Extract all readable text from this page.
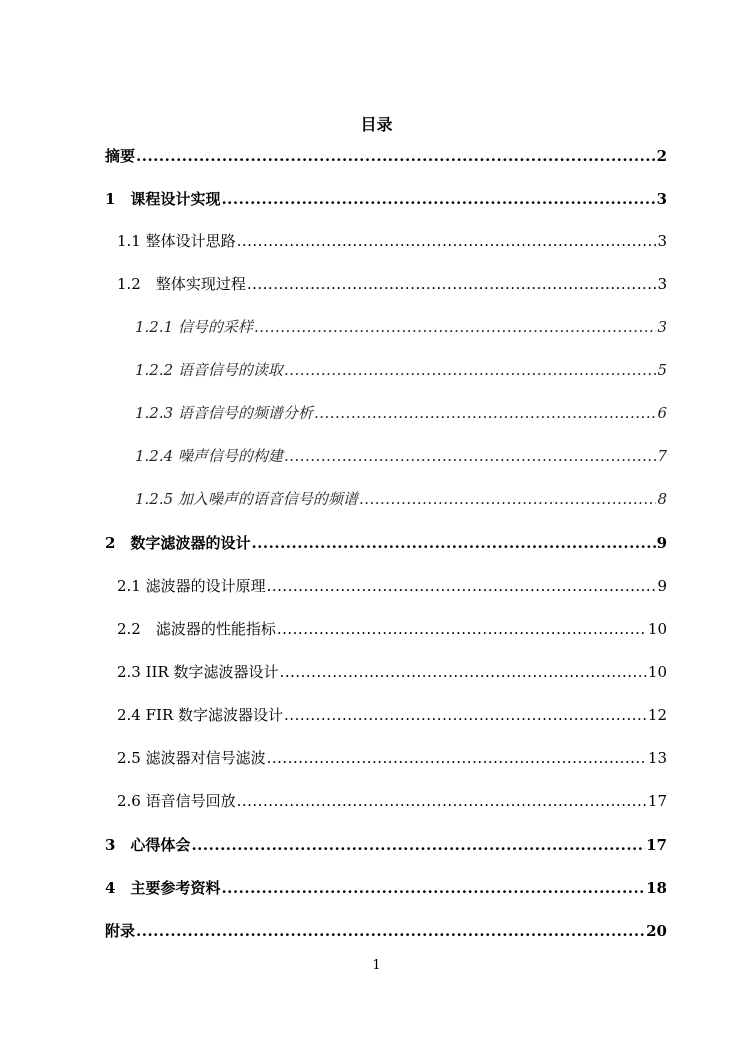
目录
摘要 .....	2
1　课程设计实现 .....	3
1.1 整体设计思路 .....	3
1.2　整体实现过程 .....	3
1.2.1 信号的采样 .....	3
1.2.2 语音信号的读取 .....	5
1.2.3 语音信号的频谱分析 .....	6
1.2.4 噪声信号的构建 .....	7
1.2.5 加入噪声的语音信号的频谱 .....	8
2　数字滤波器的设计 .....	9
2.1 滤波器的设计原理 .....	9
2.2　滤波器的性能指标 .....	10
2.3 IIR 数字滤波器设计 .....	10
2.4 FIR 数字滤波器设计 .....	12
2.5 滤波器对信号滤波 .....	13
2.6 语音信号回放 .....	17
3　心得体会 .....	17
4　主要参考资料 .....	18
附录 .....	20
1
